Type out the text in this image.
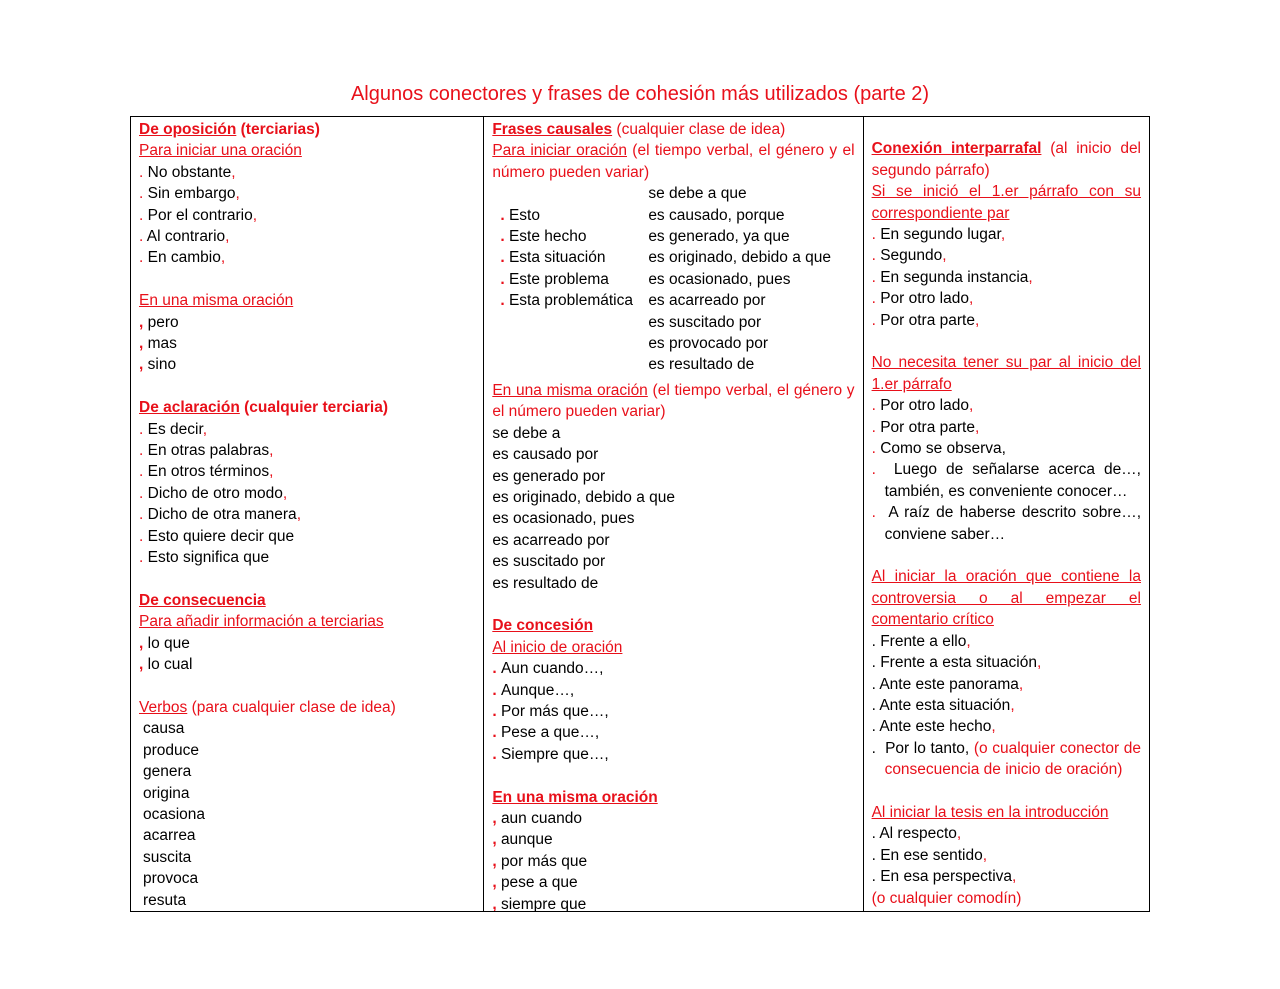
Algunos conectores y frases de cohesión más utilizados (parte 2)
De oposición (terciarias)
Para iniciar una oración
. No obstante,
. Sin embargo,
. Por el contrario,
. Al contrario,
. En cambio,
En una misma oración
, pero
, mas
, sino
De aclaración (cualquier terciaria)
. Es decir,
. En otras palabras,
. En otros términos,
. Dicho de otro modo,
. Dicho de otra manera,
. Esto quiere decir que
. Esto significa que
De consecuencia
Para añadir información a terciarias
, lo que
, lo cual
Verbos (para cualquier clase de idea)
causa
produce
genera
origina
ocasiona
acarrea
suscita
provoca
resuta
Frases causales (cualquier clase de idea)
Para iniciar oración (el tiempo verbal, el género y el número pueden variar)
. Esto
. Este hecho
. Esta situación
. Este problema
. Esta problemática
se debe a que
es causado, porque
es generado, ya que
es originado, debido a que
es ocasionado, pues
es acarreado por
es suscitado por
es provocado por
es resultado de
En una misma oración (el tiempo verbal, el género y el número pueden variar)
se debe a
es causado por
es generado por
es originado, debido a que
es ocasionado, pues
es acarreado por
es suscitado por
es resultado de
De concesión
Al inicio de oración
. Aun cuando…,
. Aunque…,
. Por más que…,
. Pese a que…,
. Siempre que…,
En una misma oración
, aun cuando
, aunque
, por más que
, pese a que
, siempre que
Conexión interparrafal (al inicio del segundo párrafo)
Si se inició el 1.er párrafo con su correspondiente par
. En segundo lugar,
. Segundo,
. En segunda instancia,
. Por otro lado,
. Por otra parte,
No necesita tener su par al inicio del 1.er párrafo
. Por otro lado,
. Por otra parte,
. Como se observa,
.  Luego de señalarse acerca de…, también, es conveniente conocer…
.  A raíz de haberse descrito sobre…, conviene saber…
Al iniciar la oración que contiene la controversia o al empezar el comentario crítico
. Frente a ello,
. Frente a esta situación,
. Ante este panorama,
. Ante esta situación,
. Ante este hecho,
.  Por lo tanto, (o cualquier conector de consecuencia de inicio de oración)
Al iniciar la tesis en la introducción
. Al respecto,
. En ese sentido,
. En esa perspectiva,
(o cualquier comodín)
